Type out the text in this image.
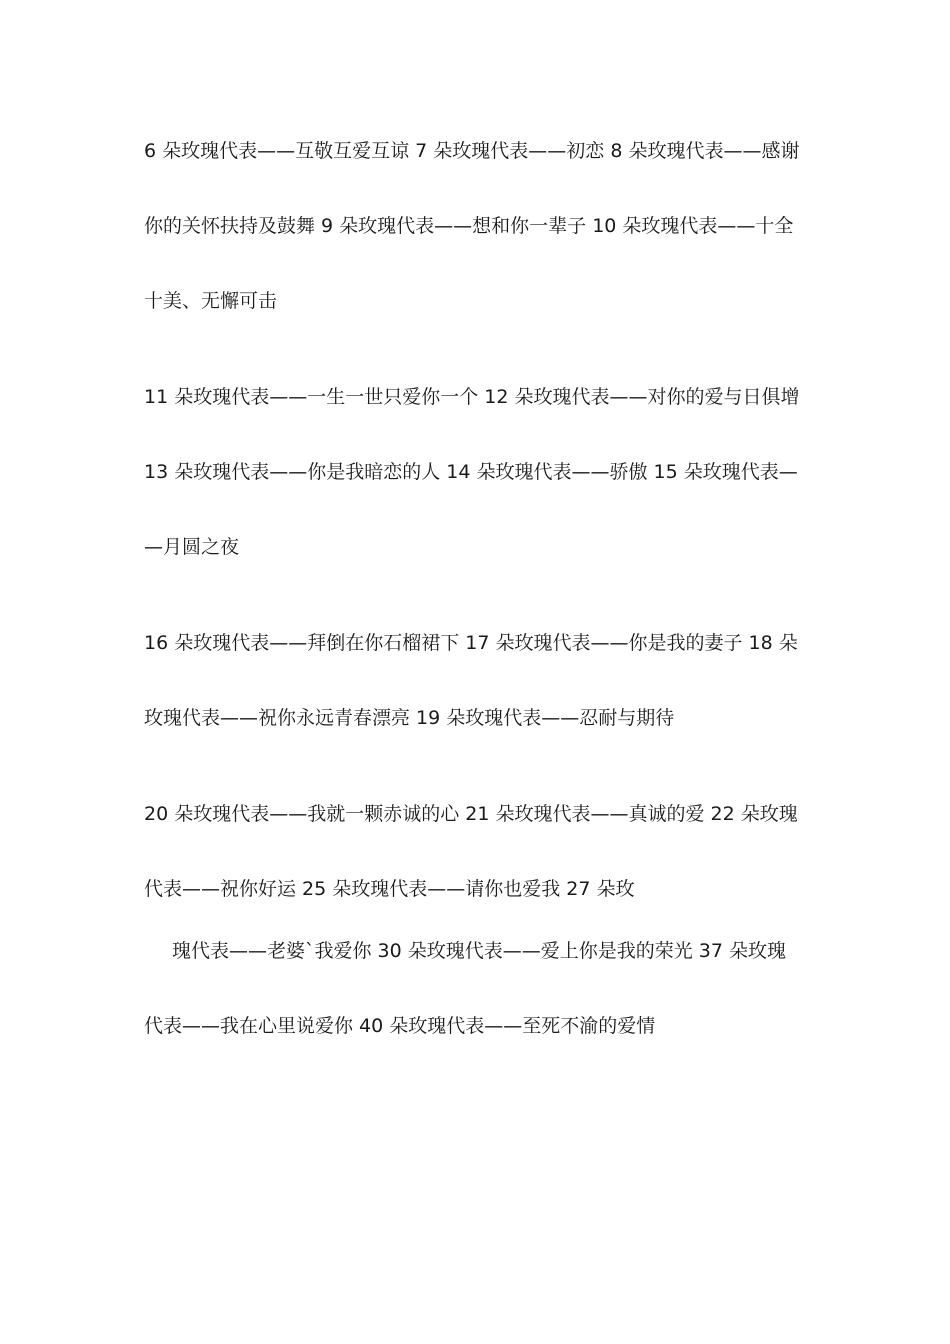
6 朵玫瑰代表——互敬互爱互谅 7 朵玫瑰代表——初恋 8 朵玫瑰代表——感谢
你的关怀扶持及鼓舞 9 朵玫瑰代表——想和你一辈子 10 朵玫瑰代表——十全
十美、无懈可击
11 朵玫瑰代表——一生一世只爱你一个 12 朵玫瑰代表——对你的爱与日俱增
13 朵玫瑰代表——你是我暗恋的人 14 朵玫瑰代表——骄傲 15 朵玫瑰代表—
—月圆之夜
16 朵玫瑰代表——拜倒在你石榴裙下 17 朵玫瑰代表——你是我的妻子 18 朵
玫瑰代表——祝你永远青春漂亮 19 朵玫瑰代表——忍耐与期待
20 朵玫瑰代表——我就一颗赤诚的心 21 朵玫瑰代表——真诚的爱 22 朵玫瑰
代表——祝你好运 25 朵玫瑰代表——请你也爱我 27 朵玫
瑰代表——老婆`我爱你 30 朵玫瑰代表——爱上你是我的荣光 37 朵玫瑰
代表——我在心里说爱你 40 朵玫瑰代表——至死不渝的爱情
